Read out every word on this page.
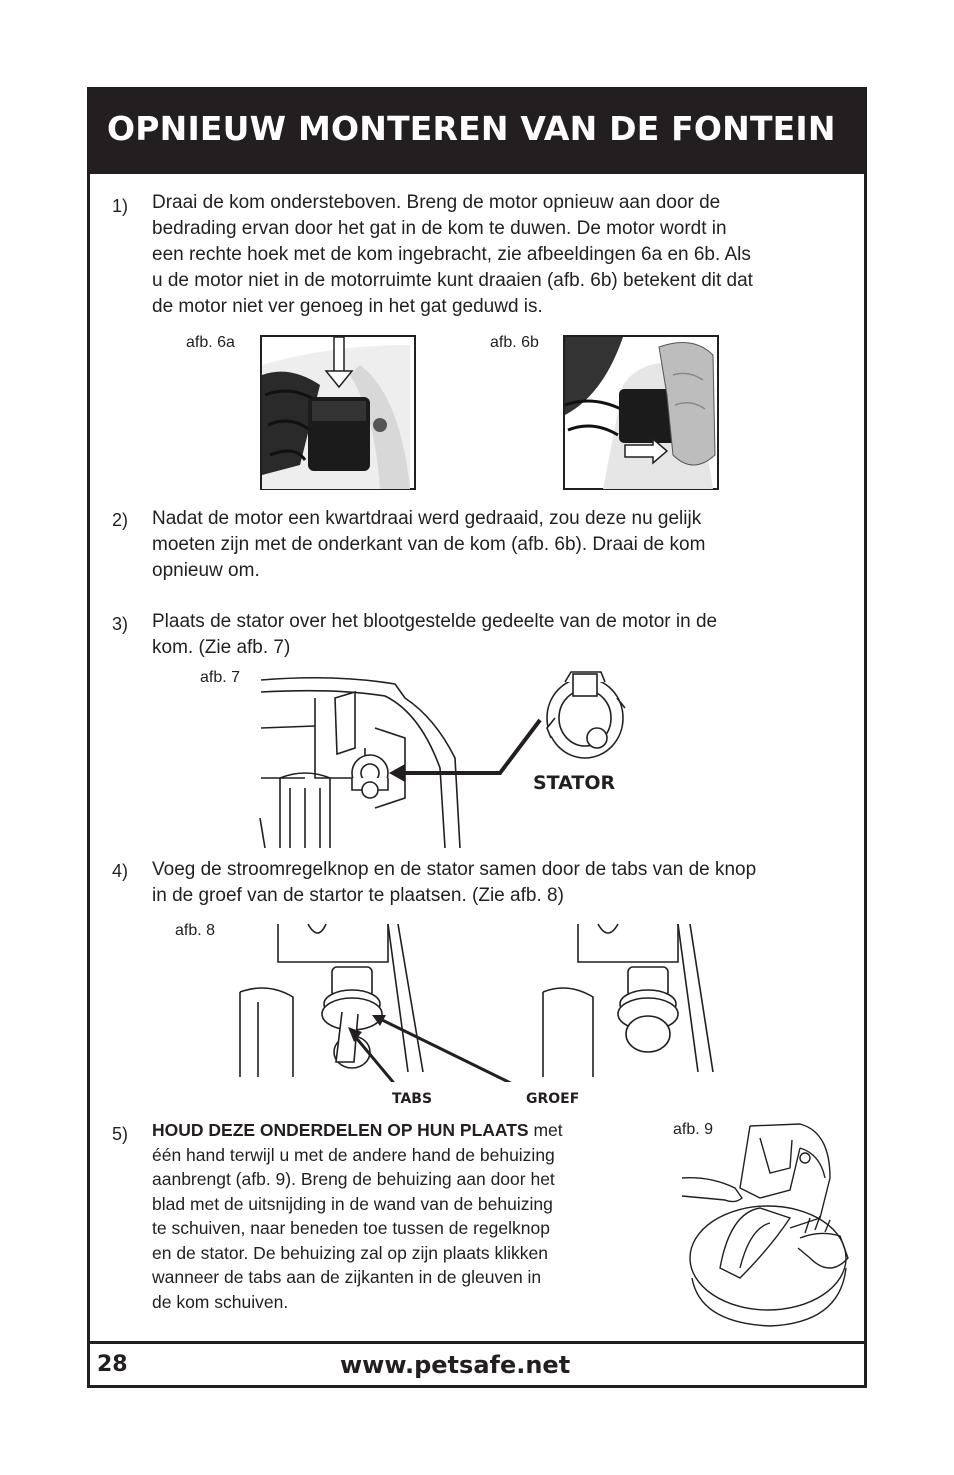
OPNIEUW MONTEREN VAN DE FONTEIN
1) Draai de kom ondersteboven. Breng de motor opnieuw aan door de
bedrading ervan door het gat in de kom te duwen. De motor wordt in
een rechte hoek met de kom ingebracht, zie afbeeldingen 6a en 6b. Als
u de motor niet in de motorruimte kunt draaien (afb. 6b) betekent dit dat
de motor niet ver genoeg in het gat geduwd is.
afb. 6a	afb. 6b
2) Nadat de motor een kwartdraai werd gedraaid, zou deze nu gelijk
moeten zijn met de onderkant van de kom (afb. 6b). Draai de kom
opnieuw om.
3) Plaats de stator over het blootgestelde gedeelte van de motor in de
kom. (Zie afb. 7)
afb. 7
STATOR
4) Voeg de stroomregelknop en de stator samen door de tabs van de knop
in de groef van de startor te plaatsen. (Zie afb. 8)
afb. 8
TABS	GROEF
5) HOUD DEZE ONDERDELEN OP HUN PLAATS met
één hand terwijl u met de andere hand de behuizing
aanbrengt (afb. 9). Breng de behuizing aan door het
blad met de uitsnijding in de wand van de behuizing
te schuiven, naar beneden toe tussen de regelknop
en de stator. De behuizing zal op zijn plaats klikken
wanneer de tabs aan de zijkanten in de gleuven in
de kom schuiven.
afb. 9
28	www.petsafe.net
